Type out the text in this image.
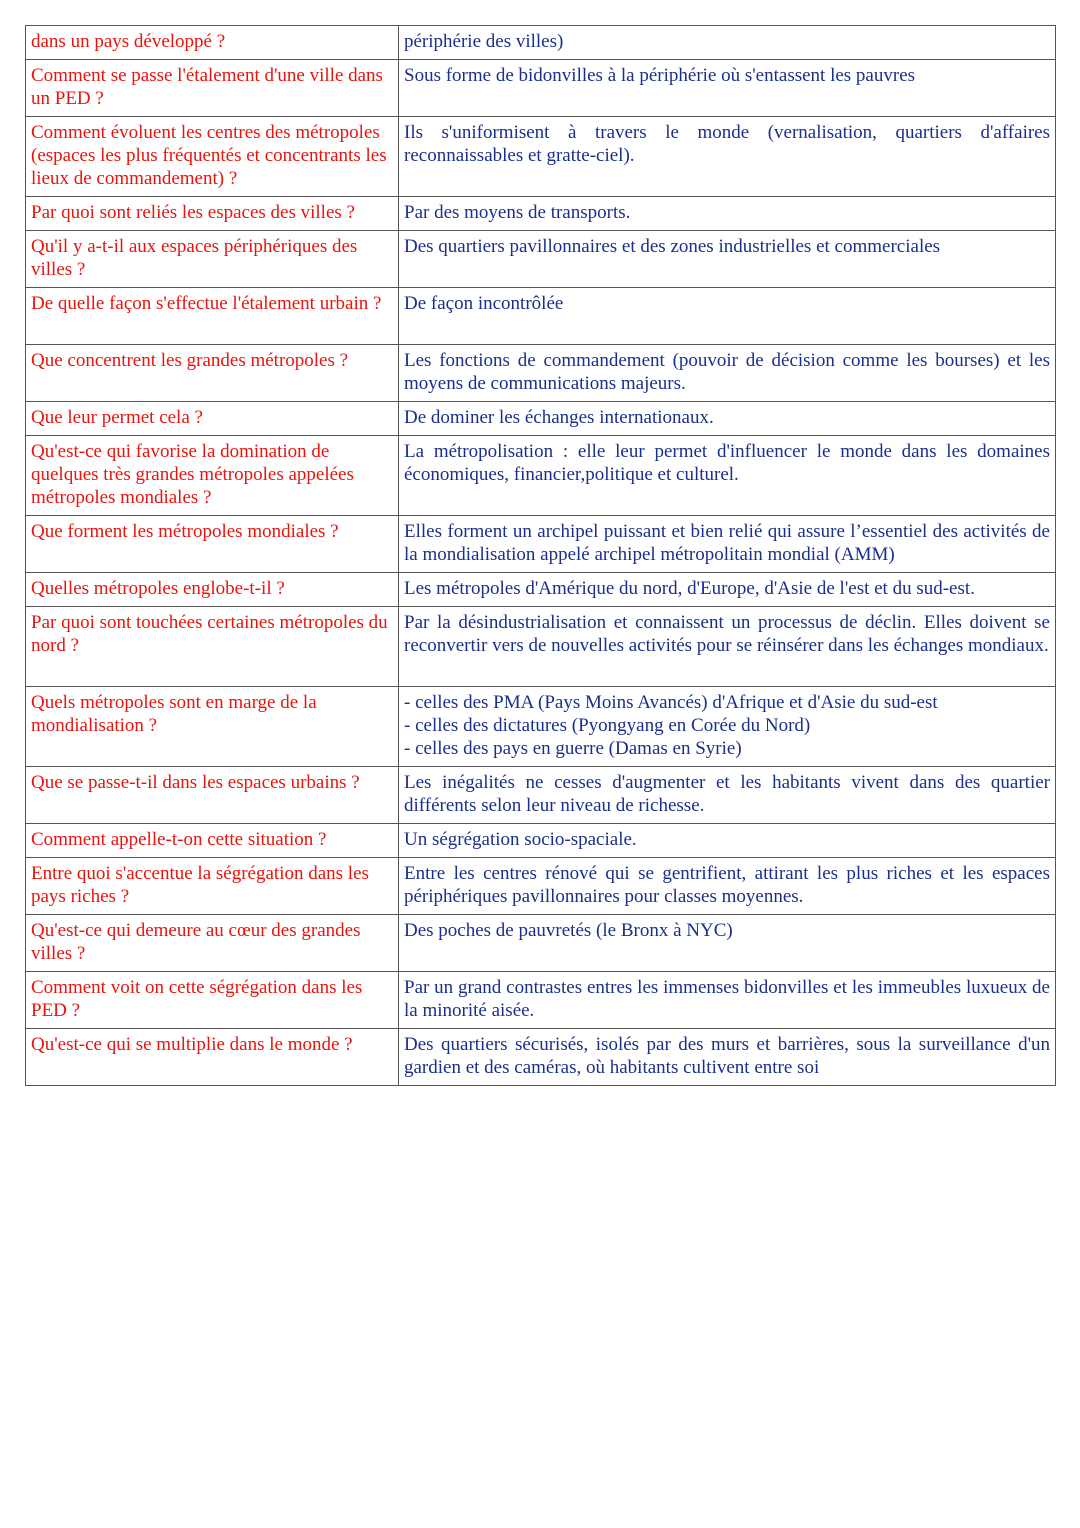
dans un pays développé ?	périphérie des villes)
Comment se passe l'étalement d'une ville dans un PED ?	Sous forme de bidonvilles à la périphérie où s'entassent les pauvres
Comment évoluent les centres des métropoles (espaces les plus fréquentés et concentrants les lieux de commandement) ?	Ils s'uniformisent à travers le monde (vernalisation, quartiers d'affaires reconnaissables et gratte-ciel).
Par quoi sont reliés les espaces des villes ?	Par des moyens de transports.
Qu'il y a-t-il aux espaces périphériques des villes ?	Des quartiers pavillonnaires et des zones industrielles et commerciales
De quelle façon s'effectue l'étalement urbain ?	De façon incontrôlée
Que concentrent les grandes métropoles ?	Les fonctions de commandement (pouvoir de décision comme les bourses) et les moyens de communications majeurs.
Que leur permet cela ?	De dominer les échanges internationaux.
Qu'est-ce qui favorise la domination de quelques très grandes métropoles appelées métropoles mondiales ?	La métropolisation : elle leur permet d'influencer le monde dans les domaines économiques, financier,politique et culturel.
Que forment les métropoles mondiales ?	Elles forment un archipel puissant et bien relié qui assure l’essentiel des activités de la mondialisation appelé archipel métropolitain mondial (AMM)
Quelles métropoles englobe-t-il ?	Les métropoles d'Amérique du nord, d'Europe, d'Asie de l'est et du sud-est.
Par quoi sont touchées certaines métropoles du nord ?	Par la désindustrialisation et connaissent un processus de déclin. Elles doivent se reconvertir vers de nouvelles activités pour se réinsérer dans les échanges mondiaux.
Quels métropoles sont en marge de la mondialisation ?	- celles des PMA (Pays Moins Avancés) d'Afrique et d'Asie du sud-est
- celles des dictatures (Pyongyang en Corée du Nord)
- celles des pays en guerre (Damas en Syrie)

Que se passe-t-il dans les espaces urbains ?	Les inégalités ne cesses d'augmenter et les habitants vivent dans des quartier différents selon leur niveau de richesse.
Comment appelle-t-on cette situation ?	Un ségrégation socio-spaciale.
Entre quoi s'accentue la ségrégation dans les pays riches ?	Entre les centres rénové qui se gentrifient, attirant les plus riches et les espaces périphériques pavillonnaires pour classes moyennes.
Qu'est-ce qui demeure au cœur des grandes villes ?	Des poches de pauvretés (le Bronx à NYC)
Comment voit on cette ségrégation dans les PED ?	Par un grand contrastes entres les immenses bidonvilles et les immeubles luxueux de la minorité aisée.
Qu'est-ce qui se multiplie dans le monde ?	Des quartiers sécurisés, isolés par des murs et barrières, sous la surveillance d'un gardien et des caméras, où habitants cultivent entre soi
